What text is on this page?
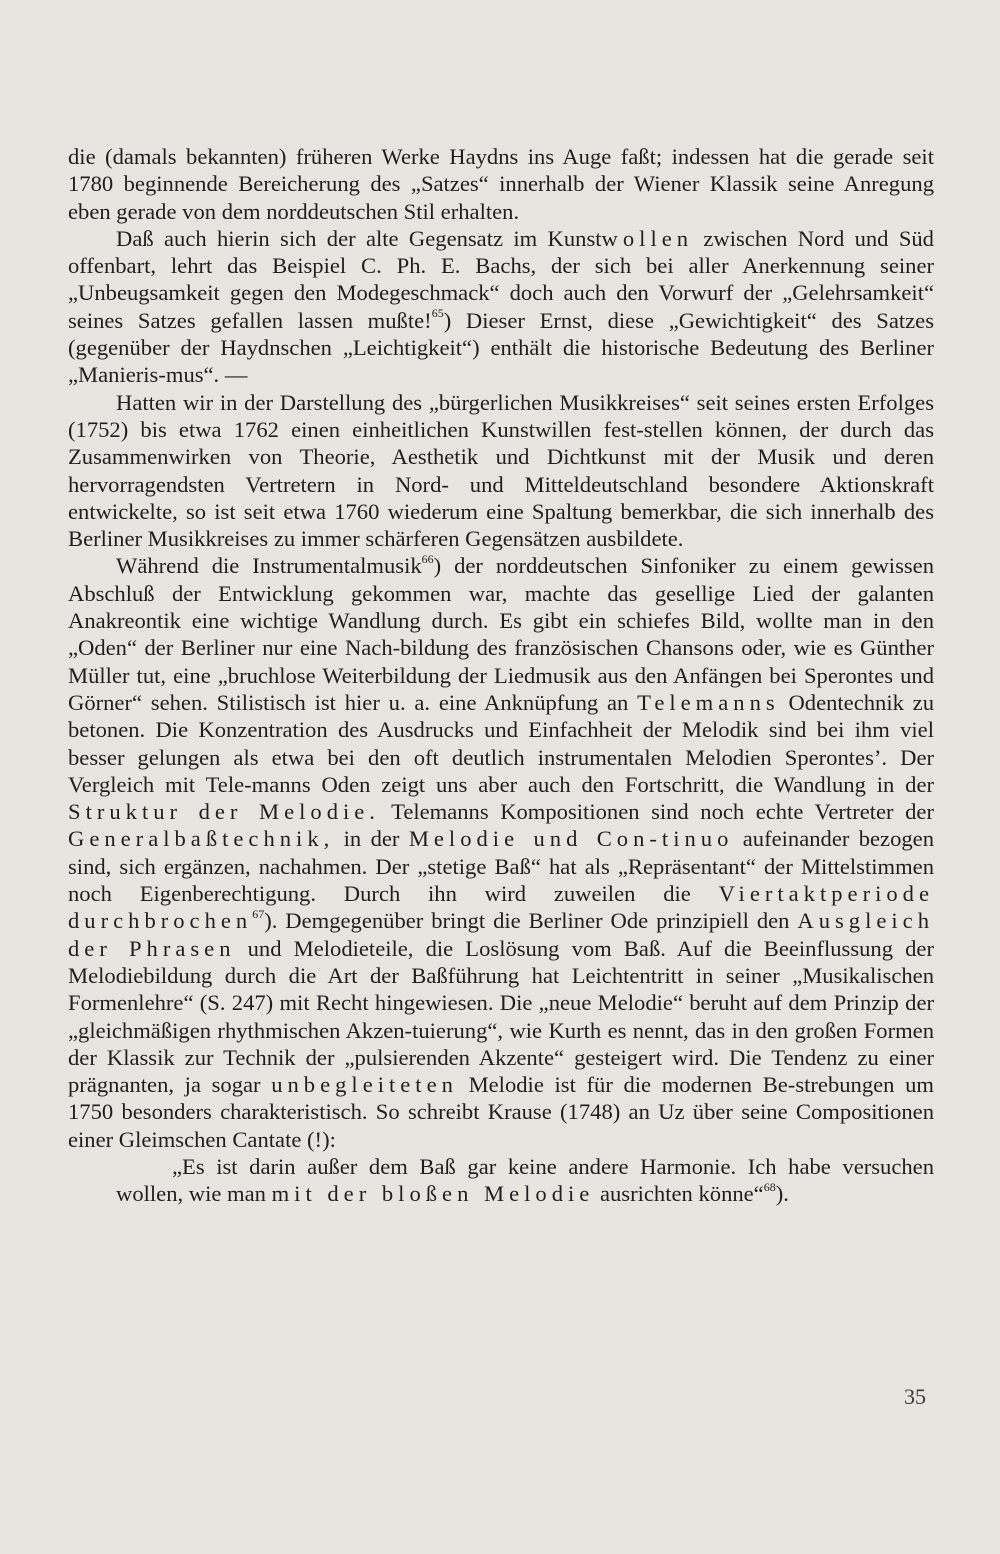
die (damals bekannten) früheren Werke Haydns ins Auge faßt; indessen hat die gerade seit 1780 beginnende Bereicherung des „Satzes“ innerhalb der Wiener Klassik seine Anregung eben gerade von dem norddeutschen Stil erhalten.

Daß auch hierin sich der alte Gegensatz im Kunstwollen zwischen Nord und Süd offenbart, lehrt das Beispiel C. Ph. E. Bachs, der sich bei aller Anerkennung seiner „Unbeugsamkeit gegen den Modegeschmack“ doch auch den Vorwurf der „Gelehrsamkeit“ seines Satzes gefallen lassen mußte!$^{65}$) Dieser Ernst, diese „Gewichtigkeit“ des Satzes (gegenüber der Haydnschen „Leichtigkeit“) enthält die historische Bedeutung des Berliner „Manieris-mus“. —

Hatten wir in der Darstellung des „bürgerlichen Musikkreises“ seit seines ersten Erfolges (1752) bis etwa 1762 einen einheitlichen Kunstwillen fest-stellen können, der durch das Zusammenwirken von Theorie, Aesthetik und Dichtkunst mit der Musik und deren hervorragendsten Vertretern in Nord- und Mitteldeutschland besondere Aktionskraft entwickelte, so ist seit etwa 1760 wiederum eine Spaltung bemerkbar, die sich innerhalb des Berliner Musikkreises zu immer schärferen Gegensätzen ausbildete.

Während die Instrumentalmusik$^{66}$) der norddeutschen Sinfoniker zu einem gewissen Abschluß der Entwicklung gekommen war, machte das gesellige Lied der galanten Anakreontik eine wichtige Wandlung durch. Es gibt ein schiefes Bild, wollte man in den „Oden“ der Berliner nur eine Nach-bildung des französischen Chansons oder, wie es Günther Müller tut, eine „bruchlose Weiterbildung der Liedmusik aus den Anfängen bei Sperontes und Görner“ sehen. Stilistisch ist hier u. a. eine Anknüpfung an Telemanns Odentechnik zu betonen. Die Konzentration des Ausdrucks und Einfachheit der Melodik sind bei ihm viel besser gelungen als etwa bei den oft deutlich instrumentalen Melodien Sperontes’. Der Vergleich mit Tele-manns Oden zeigt uns aber auch den Fortschritt, die Wandlung in der Struktur der Melodie. Telemanns Kompositionen sind noch echte Vertreter der Generalbaßtechnik, in der Melodie und Con-tinuo aufeinander bezogen sind, sich ergänzen, nachahmen. Der „stetige Baß“ hat als „Repräsentant“ der Mittelstimmen noch Eigenberechtigung. Durch ihn wird zuweilen die Viertaktperiode durchbrochen$^{67}$). Demgegenüber bringt die Berliner Ode prinzipiell den Ausgleich der Phrasen und Melodieteile, die Loslösung vom Baß. Auf die Beeinflussung der Melodiebildung durch die Art der Baßführung hat Leichtentritt in seiner „Musikalischen Formenlehre“ (S. 247) mit Recht hingewiesen. Die „neue Melodie“ beruht auf dem Prinzip der „gleichmäßigen rhythmischen Akzen-tuierung“, wie Kurth es nennt, das in den großen Formen der Klassik zur Technik der „pulsierenden Akzente“ gesteigert wird. Die Tendenz zu einer prägnanten, ja sogar unbegleiteten Melodie ist für die modernen Be-strebungen um 1750 besonders charakteristisch. So schreibt Krause (1748) an Uz über seine Compositionen einer Gleimschen Cantate (!):

„Es ist darin außer dem Baß gar keine andere Harmonie. Ich habe versuchen wollen, wie man mit der bloßen Melodie ausrichten könne“$^{68}$).

35
